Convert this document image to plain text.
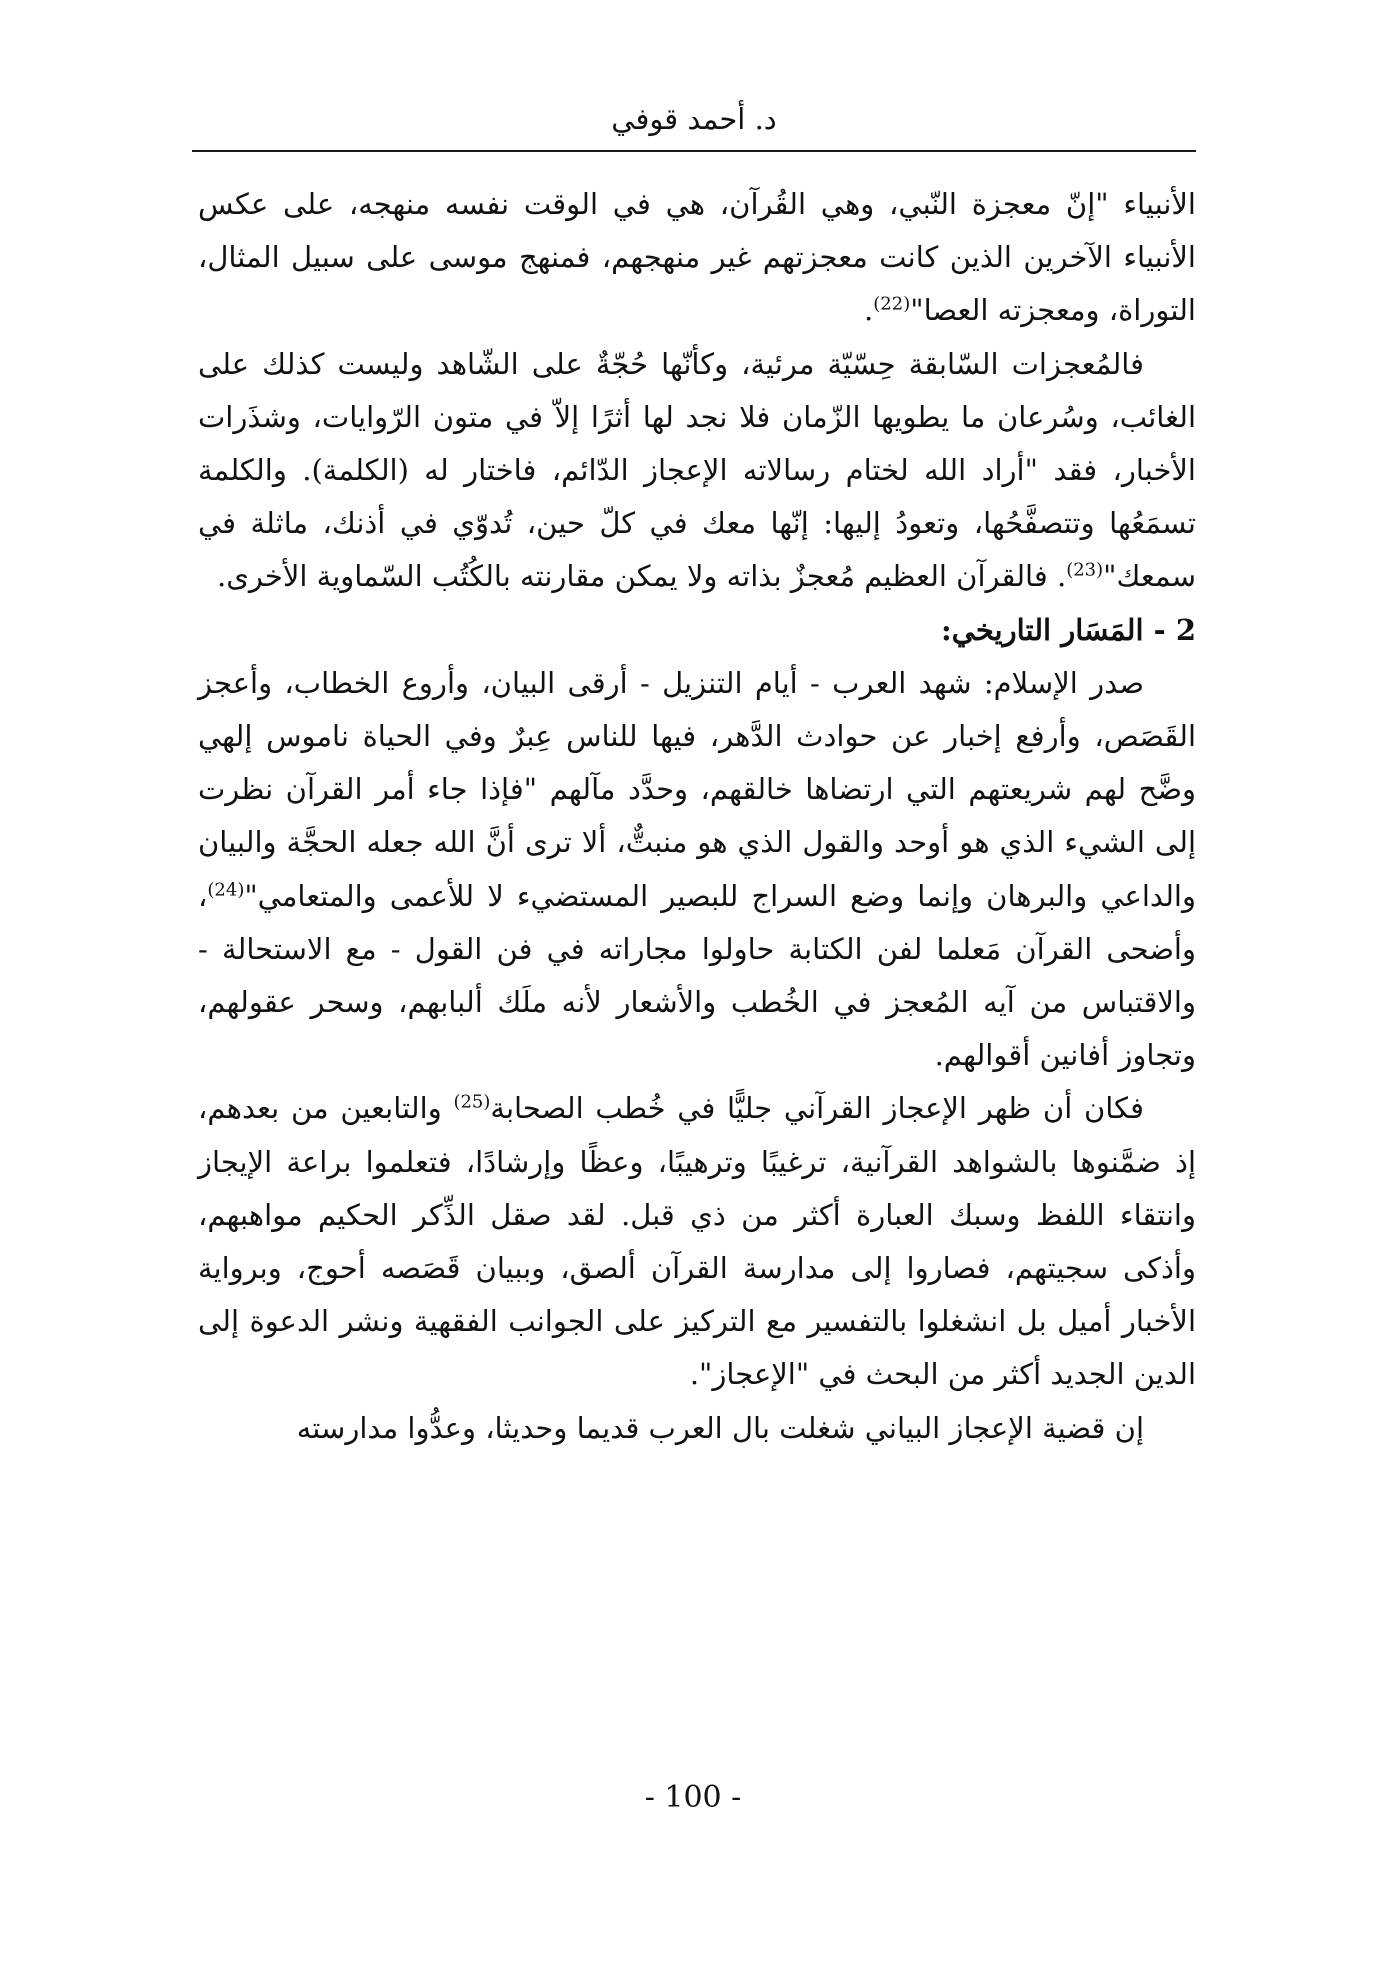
د. أحمد قوفي

الأنبياء "إنّ معجزة النّبي، وهي القُرآن، هي في الوقت نفسه منهجه، على عكس الأنبياء الآخرين الذين كانت معجزتهم غير منهجهم، فمنهج موسى على سبيل المثال، التوراة، ومعجزته العصا"$^{(22)}$.

فالمُعجزات السّابقة حِسّيّة مرئية، وكأنّها حُجّةٌ على الشّاهد وليست كذلك على الغائب، وسُرعان ما يطويها الزّمان فلا نجد لها أثرًا إلاّ في متون الرّوايات، وشذَرات الأخبار، فقد "أراد الله لختام رسالاته الإعجاز الدّائم، فاختار له (الكلمة). والكلمة تسمَعُها وتتصفَّحُها، وتعودُ إليها: إنّها معك في كلّ حين، تُدوّي في أذنك، ماثلة في سمعك"$^{(23)}$. فالقرآن العظيم مُعجزٌ بذاته ولا يمكن مقارنته بالكُتُب السّماوية الأخرى.

2 - المَسَار التاريخي:

صدر الإسلام: شهد العرب - أيام التنزيل - أرقى البيان، وأروع الخطاب، وأعجز القَصَص، وأرفع إخبار عن حوادث الدَّهر، فيها للناس عِبرٌ وفي الحياة ناموس إلهي وضَّح لهم شريعتهم التي ارتضاها خالقهم، وحدَّد مآلهم "فإذا جاء أمر القرآن نظرت إلى الشيء الذي هو أوحد والقول الذي هو منبتٌّ، ألا ترى أنَّ الله جعله الحجَّة والبيان والداعي والبرهان وإنما وضع السراج للبصير المستضيء لا للأعمى والمتعامي"$^{(24)}$، وأضحى القرآن مَعلما لفن الكتابة حاولوا مجاراته في فن القول - مع الاستحالة - والاقتباس من آيه المُعجز في الخُطب والأشعار لأنه ملَك ألبابهم، وسحر عقولهم، وتجاوز أفانين أقوالهم.

فكان أن ظهر الإعجاز القرآني جليًّا في خُطب الصحابة$^{(25)}$ والتابعين من بعدهم، إذ ضمَّنوها بالشواهد القرآنية، ترغيبًا وترهيبًا، وعظًا وإرشادًا، فتعلموا براعة الإيجاز وانتقاء اللفظ وسبك العبارة أكثر من ذي قبل. لقد صقل الذِّكر الحكيم مواهبهم، وأذكى سجيتهم، فصاروا إلى مدارسة القرآن ألصق، وببيان قَصَصه أحوج، وبرواية الأخبار أميل بل انشغلوا بالتفسير مع التركيز على الجوانب الفقهية ونشر الدعوة إلى الدين الجديد أكثر من البحث في "الإعجاز".

إن قضية الإعجاز البياني شغلت بال العرب قديما وحديثا، وعدُّوا مدارسته

- 100 -
